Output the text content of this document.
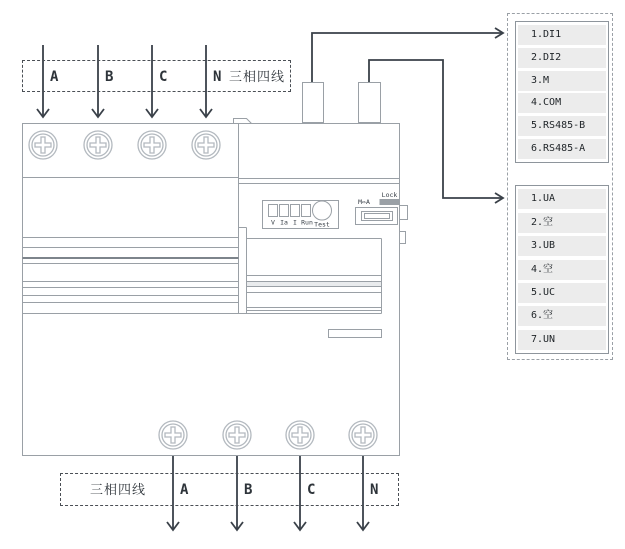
V Ia I Run Test
Lock
M⇔A
A	B	C	N 三相四线
三相四线 A	B	C	N
1.DI1
2.DI2
3.M
4.COM
5.RS485-B
6.RS485-A
1.UA
2.空
3.UB
4.空
5.UC
6.空
7.UN
